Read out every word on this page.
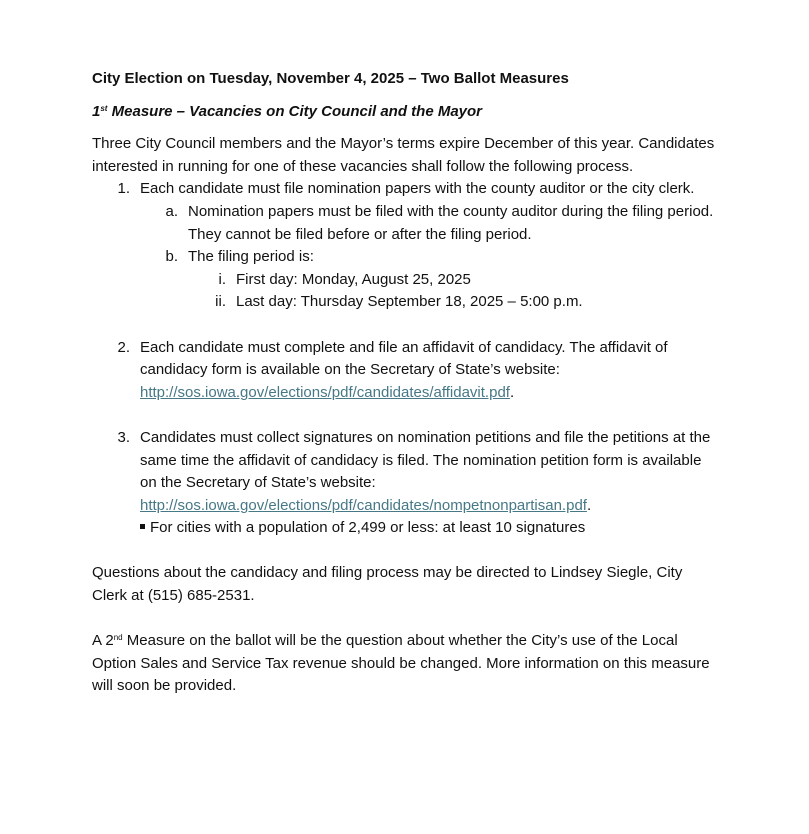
City Election on Tuesday, November 4, 2025 – Two Ballot Measures

1st Measure – Vacancies on City Council and the Mayor

Three City Council members and the Mayor’s terms expire December of this year. Candidates interested in running for one of these vacancies shall follow the following process.

1. Each candidate must file nomination papers with the county auditor or the city clerk.
a. Nomination papers must be filed with the county auditor during the filing period. They cannot be filed before or after the filing period.
b. The filing period is:
i. First day: Monday, August 25, 2025
ii. Last day: Thursday September 18, 2025 – 5:00 p.m.
2. Each candidate must complete and file an affidavit of candidacy. The affidavit of candidacy form is available on the Secretary of State’s website: http://sos.iowa.gov/elections/pdf/candidates/affidavit.pdf.
3. Candidates must collect signatures on nomination petitions and file the petitions at the same time the affidavit of candidacy is filed. The nomination petition form is available on the Secretary of State’s website: http://sos.iowa.gov/elections/pdf/candidates/nompetnonpartisan.pdf.
For cities with a population of 2,499 or less: at least 10 signatures

Questions about the candidacy and filing process may be directed to Lindsey Siegle, City Clerk at (515) 685-2531.

A 2nd Measure on the ballot will be the question about whether the City’s use of the Local Option Sales and Service Tax revenue should be changed. More information on this measure will soon be provided.
